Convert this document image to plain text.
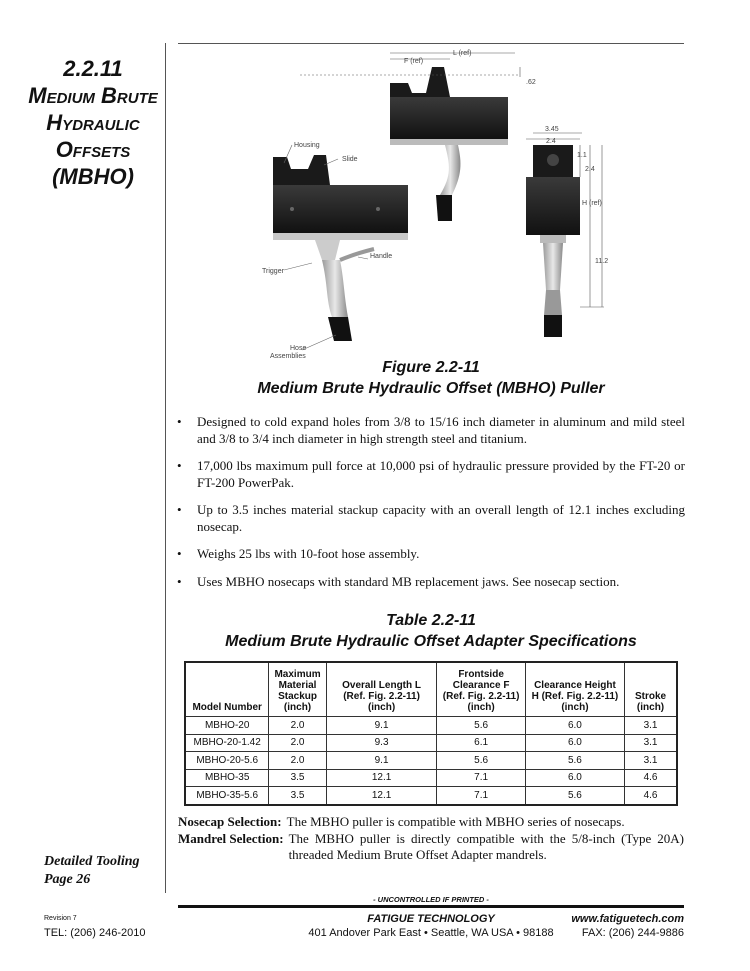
2.2.11
Medium Brute
Hydraulic
Offsets
(MBHO)
Detailed Tooling
Page 26
Housing
Slide
Handle
Trigger
Hose
Assemblies
F (ref)
L (ref)
.62
3.45
2.4
1.1
2.4
H (ref)
11.2
Figure 2.2-11
Medium Brute Hydraulic Offset (MBHO) Puller
• Designed to cold expand holes from 3/8 to 15/16 inch diameter in aluminum and mild steel and 3/8 to 3/4 inch diameter in high strength steel and titanium.
• 17,000 lbs maximum pull force at 10,000 psi of hydraulic pressure provided by the FT-20 or FT-200 PowerPak.
• Up to 3.5 inches material stackup capacity with an overall length of 12.1 inches excluding nosecap.
• Weighs 25 lbs with 10-foot hose assembly.
• Uses MBHO nosecaps with standard MB replacement jaws. See nosecap section.
Table 2.2-11
Medium Brute Hydraulic Offset Adapter Specifications
Model Number	Maximum
Material
Stackup
(inch)	Overall Length L
(Ref. Fig. 2.2-11)
(inch)	Frontside
Clearance F
(Ref. Fig. 2.2-11)
(inch)	Clearance Height
H (Ref. Fig. 2.2-11)
(inch)	Stroke
(inch)
MBHO-20	2.0	9.1	5.6	6.0	3.1
MBHO-20-1.42	2.0	9.3	6.1	6.0	3.1
MBHO-20-5.6	2.0	9.1	5.6	5.6	3.1
MBHO-35	3.5	12.1	7.1	6.0	4.6
MBHO-35-5.6	3.5	12.1	7.1	5.6	4.6
Nosecap Selection: The MBHO puller is compatible with MBHO series of nosecaps.
Mandrel Selection: The MBHO puller is directly compatible with the 5/8-inch (Type 20A) threaded Medium Brute Offset Adapter mandrels.
- UNCONTROLLED IF PRINTED -
Revision 7
TEL: (206) 246-2010
FATIGUE TECHNOLOGY
401 Andover Park East • Seattle, WA USA • 98188
www.fatiguetech.com
FAX: (206) 244-9886
